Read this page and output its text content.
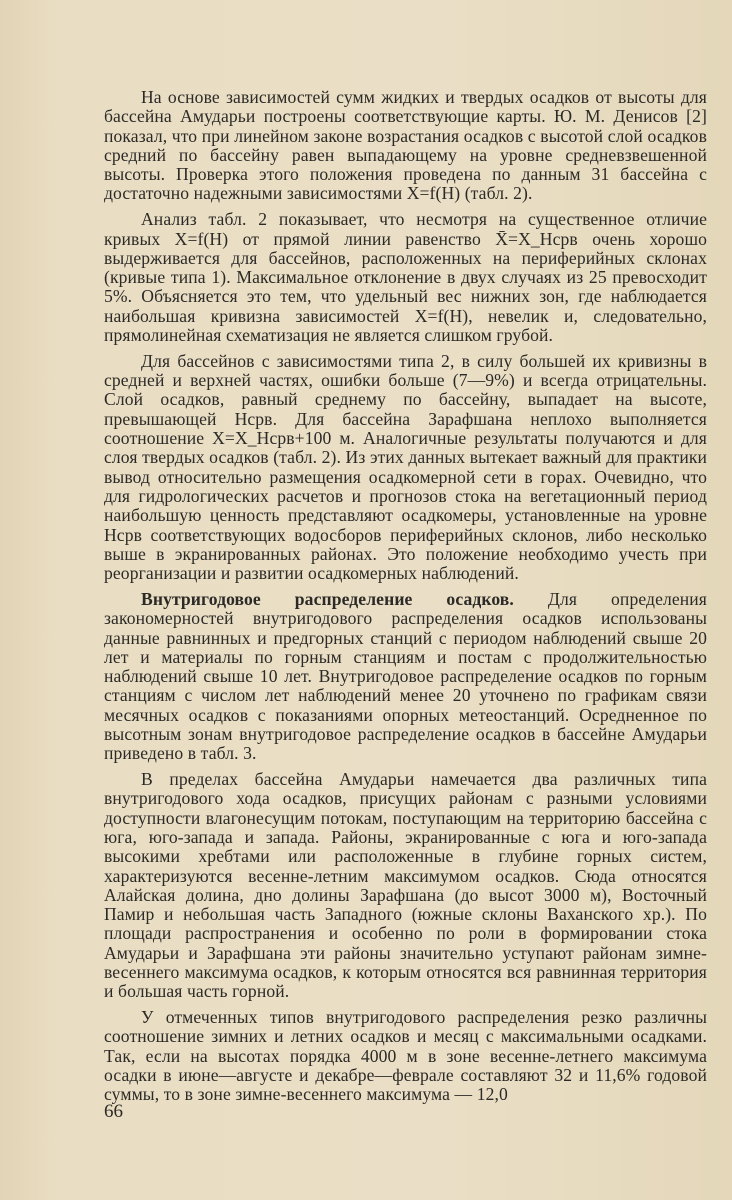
На основе зависимостей сумм жидких и твердых осадков от высоты для бассейна Амударьи построены соответствующие карты. Ю. М. Денисов [2] показал, что при линейном законе возрастания осадков с высотой слой осадков средний по бассейну равен выпадающему на уровне средневзвешенной высоты. Проверка этого положения проведена по данным 31 бассейна с достаточно надежными зависимостями X=f(H) (табл. 2).

Анализ табл. 2 показывает, что несмотря на существенное отличие кривых X=f(H) от прямой линии равенство X̄=X_Hсрв очень хорошо выдерживается для бассейнов, расположенных на периферийных склонах (кривые типа 1). Максимальное отклонение в двух случаях из 25 превосходит 5%. Объясняется это тем, что удельный вес нижних зон, где наблюдается наибольшая кривизна зависимостей X=f(H), невелик и, следовательно, прямолинейная схематизация не является слишком грубой.

Для бассейнов с зависимостями типа 2, в силу большей их кривизны в средней и верхней частях, ошибки больше (7—9%) и всегда отрицательны. Слой осадков, равный среднему по бассейну, выпадает на высоте, превышающей Hсрв. Для бассейна Зарафшана неплохо выполняется соотношение X=X_Hсрв+100 м. Аналогичные результаты получаются и для слоя твердых осадков (табл. 2). Из этих данных вытекает важный для практики вывод относительно размещения осадкомерной сети в горах. Очевидно, что для гидрологических расчетов и прогнозов стока на вегетационный период наибольшую ценность представляют осадкомеры, установленные на уровне Hсрв соответствующих водосборов периферийных склонов, либо несколько выше в экранированных районах. Это положение необходимо учесть при реорганизации и развитии осадкомерных наблюдений.

Внутригодовое распределение осадков. Для определения закономерностей внутригодового распределения осадков использованы данные равнинных и предгорных станций с периодом наблюдений свыше 20 лет и материалы по горным станциям и постам с продолжительностью наблюдений свыше 10 лет. Внутригодовое распределение осадков по горным станциям с числом лет наблюдений менее 20 уточнено по графикам связи месячных осадков с показаниями опорных метеостанций. Осредненное по высотным зонам внутригодовое распределение осадков в бассейне Амударьи приведено в табл. 3.

В пределах бассейна Амударьи намечается два различных типа внутригодового хода осадков, присущих районам с разными условиями доступности влагонесущим потокам, поступающим на территорию бассейна с юга, юго-запада и запада. Районы, экранированные с юга и юго-запада высокими хребтами или расположенные в глубине горных систем, характеризуются весенне-летним максимумом осадков. Сюда относятся Алайская долина, дно долины Зарафшана (до высот 3000 м), Восточный Памир и небольшая часть Западного (южные склоны Ваханского хр.). По площади распространения и особенно по роли в формировании стока Амударьи и Зарафшана эти районы значительно уступают районам зимне-весеннего максимума осадков, к которым относятся вся равнинная территория и большая часть горной.

У отмеченных типов внутригодового распределения резко различны соотношение зимних и летних осадков и месяц с максимальными осадками. Так, если на высотах порядка 4000 м в зоне весенне-летнего максимума осадки в июне—августе и декабре—феврале составляют 32 и 11,6% годовой суммы, то в зоне зимне-весеннего максимума — 12,0

66
